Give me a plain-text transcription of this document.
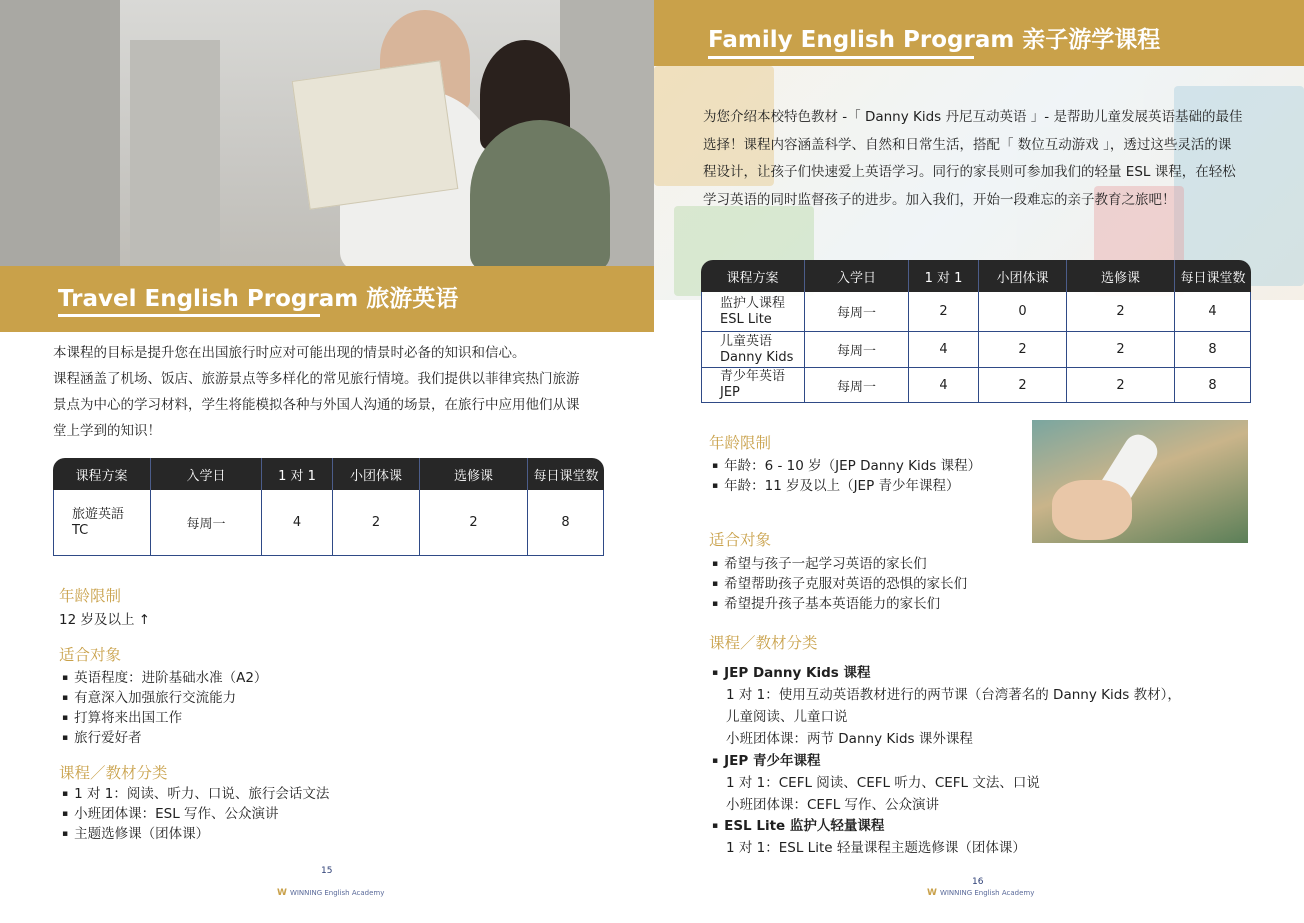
Travel English Program 旅游英语
本课程的目标是提升您在出国旅行时应对可能出现的情景时必备的知识和信心。
课程涵盖了机场、饭店、旅游景点等多样化的常见旅行情境。我们提供以菲律宾热门旅游
景点为中心的学习材料，学生将能模拟各种与外国人沟通的场景，在旅行中应用他们从课
堂上学到的知识！
课程方案	入学日	1 对 1	小团体课	选修课	每日课堂数
旅遊英語
TC	每周一	4	2	2	8
年龄限制
12 岁及以上 ↑
适合对象
▪ 英语程度：进阶基础水准（A2）
▪ 有意深入加强旅行交流能力
▪ 打算将来出国工作
▪ 旅行爱好者
课程／教材分类
▪ 1 对 1：阅读、听力、口说、旅行会话文法
▪ 小班团体课：ESL 写作、公众演讲
▪ 主题选修课（团体课）
15
W WINNING English Academy
Family English Program 亲子游学课程
为您介绍本校特色教材 -「 Danny Kids 丹尼互动英语 」- 是帮助儿童发展英语基础的最佳
选择！课程内容涵盖科学、自然和日常生活，搭配「 数位互动游戏 」，透过这些灵活的课
程设计，让孩子们快速爱上英语学习。同行的家長则可参加我们的轻量 ESL 课程，在轻松
学习英语的同时监督孩子的进步。加入我们，开始一段难忘的亲子教育之旅吧！
课程方案	入学日	1 对 1	小团体课	选修课	每日课堂数
监护人课程
ESL Lite	每周一	2	0	2	4
儿童英语
Danny Kids	每周一	4	2	2	8
青少年英语
JEP	每周一	4	2	2	8
年龄限制
▪ 年龄：6 - 10 岁（JEP Danny Kids 课程）
▪ 年龄：11 岁及以上（JEP 青少年课程）
适合对象
▪ 希望与孩子一起学习英语的家长们
▪ 希望帮助孩子克服对英语的恐惧的家长们
▪ 希望提升孩子基本英语能力的家长们
课程／教材分类
▪ JEP Danny Kids 课程
1 对 1：使用互动英语教材进行的两节课（台湾著名的 Danny Kids 教材），
儿童阅读、儿童口说
小班团体课：两节 Danny Kids 课外课程
▪ JEP 青少年课程
1 对 1：CEFL 阅读、CEFL 听力、CEFL 文法、口说
小班团体课：CEFL 写作、公众演讲
▪ ESL Lite 监护人轻量课程
1 对 1：ESL Lite 轻量课程主题选修课（团体课）
16
W WINNING English Academy
